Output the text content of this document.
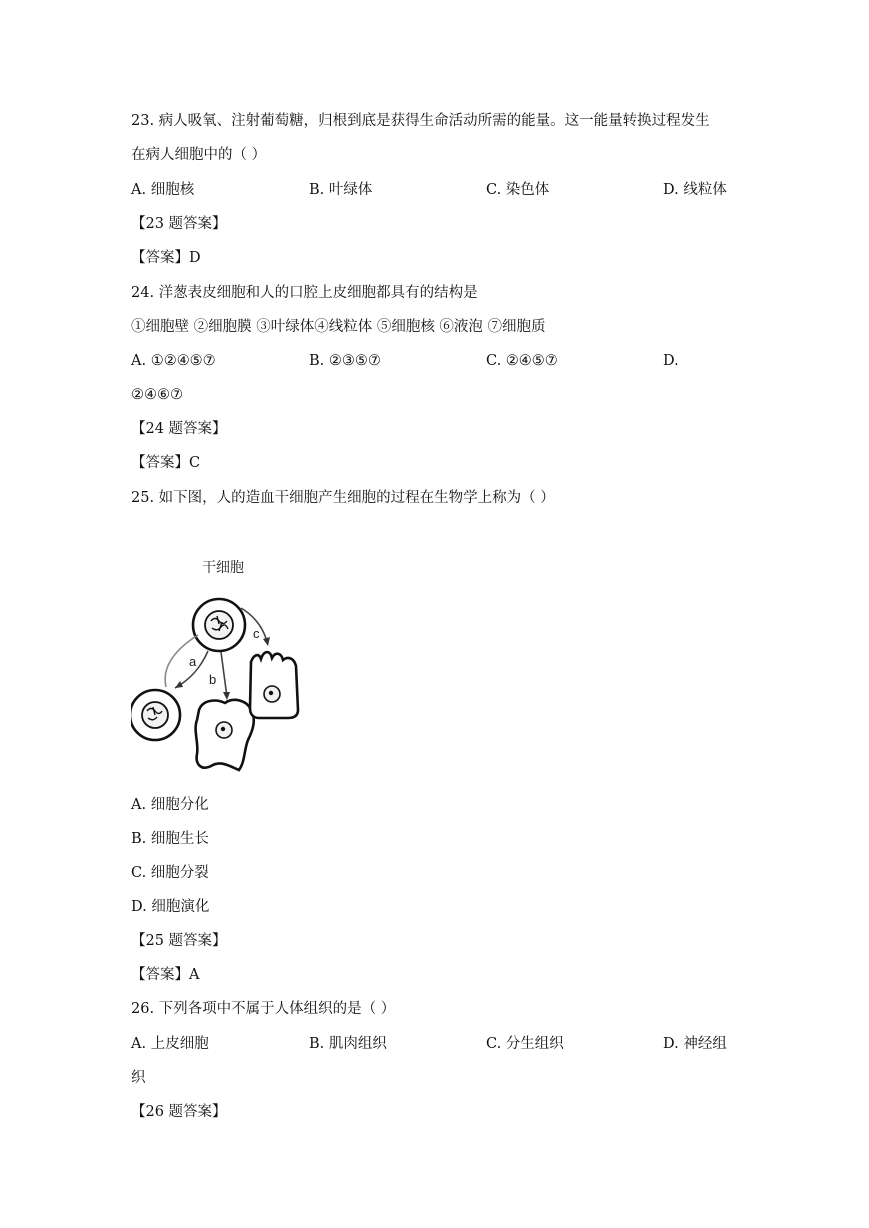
23. 病人吸氧、注射葡萄糖，归根到底是获得生命活动所需的能量。这一能量转换过程发生
在病人细胞中的（ ）
A. 细胞核	B. 叶绿体	C. 染色体	D. 线粒体
【23 题答案】
【答案】D
24. 洋葱表皮细胞和人的口腔上皮细胞都具有的结构是
①细胞壁 ②细胞膜 ③叶绿体④线粒体 ⑤细胞核 ⑥液泡 ⑦细胞质
A. ①②④⑤⑦	B. ②③⑤⑦	C. ②④⑤⑦	D.
②④⑥⑦
【24 题答案】
【答案】C
25. 如下图，人的造血干细胞产生细胞的过程在生物学上称为（ ）
干细胞
a
b
c
A. 细胞分化
B. 细胞生长
C. 细胞分裂
D. 细胞演化
【25 题答案】
【答案】A
26. 下列各项中不属于人体组织的是（ ）
A. 上皮细胞	B. 肌肉组织	C. 分生组织	D. 神经组
织
【26 题答案】
